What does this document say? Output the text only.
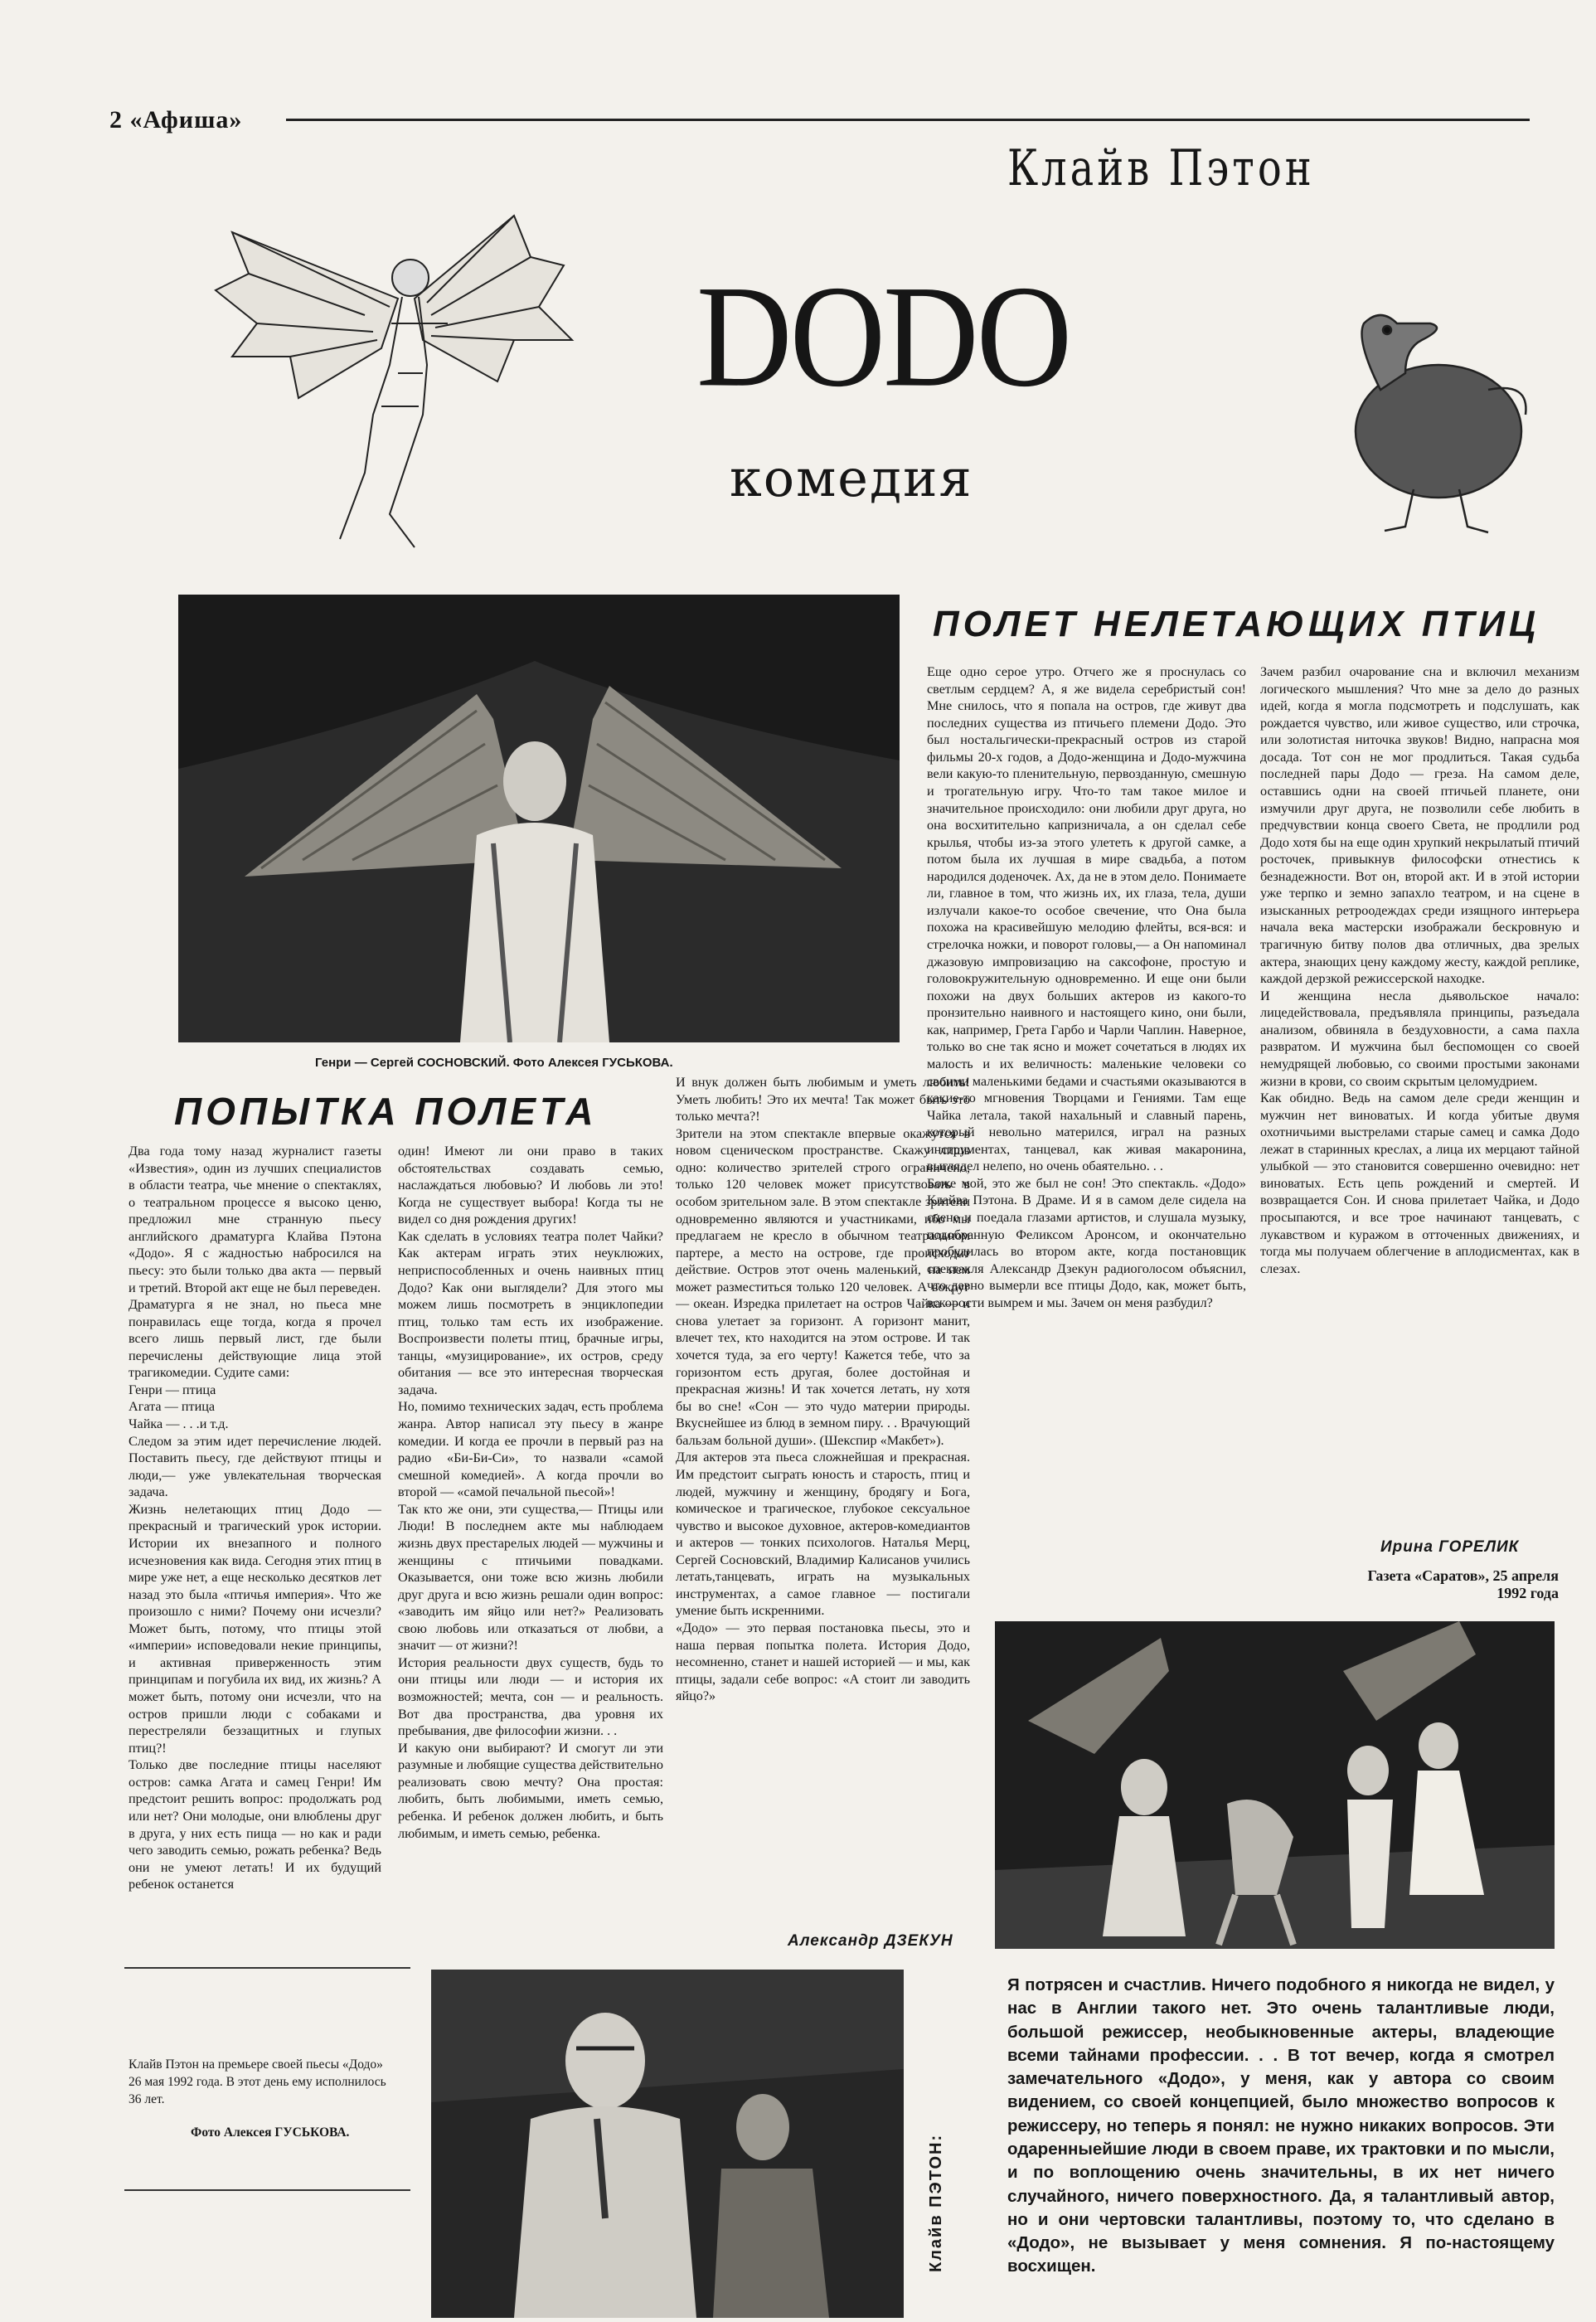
2 «Афиша»
Клайв Пэтон
DODO
комедия
Генри — Сергей СОСНОВСКИЙ. Фото Алексея ГУСЬКОВА.
ПОЛЕТ НЕЛЕТАЮЩИХ ПТИЦ
Еще одно серое утро. Отчего же я проснулась со светлым сердцем? А, я же видела серебристый сон! Мне снилось, что я попала на остров, где живут два последних существа из птичьего племени Додо. Это был ностальгически-прекрасный остров из старой фильмы 20-х годов, а Додо-женщина и Додо-мужчина вели какую-то пленительную, первозданную, смешную и трогательную игру. Что-то там такое милое и значительное происходило: они любили друг друга, но она восхитительно капризничала, а он сделал себе крылья, чтобы из-за этого улететь к другой самке, а потом была их лучшая в мире свадьба, а потом народился доденочек. Ах, да не в этом дело. Понимаете ли, главное в том, что жизнь их, их глаза, тела, души излучали какое-то особое свечение, что Она была похожа на красивейшую мелодию флейты, вся-вся: и стрелочка ножки, и поворот головы,— а Он напоминал джазовую импровизацию на саксофоне, простую и головокружительную одновременно. И еще они были похожи на двух больших актеров из какого-то пронзительно наивного и настоящего кино, они были, как, например, Грета Гарбо и Чарли Чаплин. Наверное, только во сне так ясно и может сочетаться в людях их малость и их величность: маленькие человеки со своими маленькими бедами и счастьями оказываются в какие-то мгновения Творцами и Гениями. Там еще Чайка летала, такой нахальный и славный парень, который невольно матерился, играл на разных инструментах, танцевал, как живая макаронина, выглядел нелепо, но очень обаятельно. . .
Боже мой, это же был не сон! Это спектакль. «Додо» Клайва Пэтона. В Драме. И я в самом деле сидела на сцене и поедала глазами артистов, и слушала музыку, подобранную Феликсом Аронсом, и окончательно пробудилась во втором акте, когда постановщик спектакля Александр Дзекун радиоголосом объяснил, что давно вымерли все птицы Додо, как, может быть, вскорости вымрем и мы. Зачем он меня разбудил?
Зачем разбил очарование сна и включил механизм логического мышления? Что мне за дело до разных идей, когда я могла подсмотреть и подслушать, как рождается чувство, или живое существо, или строчка, или золотистая ниточка звуков! Видно, напрасна моя досада. Тот сон не мог продлиться. Такая судьба последней пары Додо — греза. На самом деле, оставшись одни на своей птичьей планете, они измучили друг друга, не позволили себе любить в предчувствии конца своего Света, не продлили род Додо хотя бы на еще один хрупкий некрылатый птичий росточек, привыкнув философски отнестись к безнадежности. Вот он, второй акт. И в этой истории уже терпко и земно запахло театром, и на сцене в изысканных ретроодеждах среди изящного интерьера начала века мастерски изображали бескровную и трагичную битву полов два отличных, два зрелых актера, знающих цену каждому жесту, каждой реплике, каждой дерзкой режиссерской находке.
И женщина несла дьявольское начало: лицедействовала, предъявляла принципы, разъедала анализом, обвиняла в бездуховности, а сама пахла развратом. И мужчина был беспомощен со своей немудрящей любовью, со своими простыми законами жизни в крови, со своим скрытым целомудрием.
Как обидно. Ведь на самом деле среди женщин и мужчин нет виноватых. И когда убитые двумя охотничьими выстрелами старые самец и самка Додо лежат в старинных креслах, а лица их мерцают тайной улыбкой — это становится совершенно очевидно: нет виноватых. Есть цепь рождений и смертей. И возвращается Сон. И снова прилетает Чайка, и Додо просыпаются, и все трое начинают танцевать, с лукавством и куражом в отточенных движениях, и тогда мы получаем облегчение в аплодисментах, как в слезах.
Ирина ГОРЕЛИК
Газета «Саратов», 25 апреля
1992 года
ПОПЫТКА ПОЛЕТА
Два года тому назад журналист газеты «Известия», один из лучших специалистов в области театра, чье мнение о спектаклях, о театральном процессе я высоко ценю, предложил мне странную пьесу английского драматурга Клайва Пэтона «Додо». Я с жадностью набросился на пьесу: это были только два акта — первый и третий. Второй акт еще не был переведен.
Драматурга я не знал, но пьеса мне понравилась еще тогда, когда я прочел всего лишь первый лист, где были перечислены действующие лица этой трагикомедии. Судите сами:
Генри — птица
Агата — птица
Чайка — . . .и т.д.
Следом за этим идет перечисление людей. Поставить пьесу, где действуют птицы и люди,— уже увлекательная творческая задача.
Жизнь нелетающих птиц Додо — прекрасный и трагический урок истории. Истории их внезапного и полного исчезновения как вида. Сегодня этих птиц в мире уже нет, а еще несколько десятков лет назад это была «птичья империя». Что же произошло с ними? Почему они исчезли? Может быть, потому, что птицы этой «империи» исповедовали некие принципы, и активная приверженность этим принципам и погубила их вид, их жизнь? А может быть, потому они исчезли, что на остров пришли люди с собаками и перестреляли беззащитных и глупых птиц?!
Только две последние птицы населяют остров: самка Агата и самец Генри! Им предстоит решить вопрос: продолжать род или нет? Они молодые, они влюблены друг в друга, у них есть пища — но как и ради чего заводить семью, рожать ребенка? Ведь они не умеют летать! И их будущий ребенок останется
один! Имеют ли они право в таких обстоятельствах создавать семью, наслаждаться любовью? И любовь ли это! Когда не существует выбора! Когда ты не видел со дня рождения других!
Как сделать в условиях театра полет Чайки? Как актерам играть этих неуклюжих, неприспособленных и очень наивных птиц Додо? Как они выглядели? Для этого мы можем лишь посмотреть в энциклопедии птиц, только там есть их изображение. Воспроизвести полеты птиц, брачные игры, танцы, «музицирование», их остров, среду обитания — все это интересная творческая задача.
Но, помимо технических задач, есть проблема жанра. Автор написал эту пьесу в жанре комедии. И когда ее прочли в первый раз на радио «Би-Би-Си», то назвали «самой смешной комедией». А когда прочли во второй — «самой печальной пьесой»!
Так кто же они, эти существа,— Птицы или Люди! В последнем акте мы наблюдаем жизнь двух престарелых людей — мужчины и женщины с птичьими повадками. Оказывается, они тоже всю жизнь любили друг друга и всю жизнь решали один вопрос: «заводить им яйцо или нет?» Реализовать свою любовь или отказаться от любви, а значит — от жизни?!
История реальности двух существ, будь то они птицы или люди — и история их возможностей; мечта, сон — и реальность. Вот два пространства, два уровня их пребывания, две философии жизни. . .
И какую они выбирают? И смогут ли эти разумные и любящие существа действительно реализовать свою мечту? Она простая: любить, быть любимыми, иметь семью, ребенка. И ребенок должен любить, и быть любимым, и иметь семью, ребенка.
И внук должен быть любимым и уметь любить! Уметь любить! Это их мечта! Так может быть это только мечта?!
Зрители на этом спектакле впервые окажутся в новом сценическом пространстве. Скажу лишь одно: количество зрителей строго ограничено, только 120 человек может присутствовать в особом зрительном зале. В этом спектакле зрители одновременно являются и участниками, ибо мы предлагаем не кресло в обычном театральном партере, а место на острове, где происходит действие. Остров этот очень маленький, на нем может разместиться только 120 человек. А вокруг — океан. Изредка прилетает на остров Чайка — и снова улетает за горизонт. А горизонт манит, влечет тех, кто находится на этом острове. И так хочется туда, за его черту! Кажется тебе, что за горизонтом есть другая, более достойная и прекрасная жизнь! И так хочется летать, ну хотя бы во сне! «Сон — это чудо материи природы. Вкуснейшее из блюд в земном пиру. . . Врачующий бальзам больной души». (Шекспир «Макбет»).
Для актеров эта пьеса сложнейшая и прекрасная. Им предстоит сыграть юность и старость, птиц и людей, мужчину и женщину, бродягу и Бога, комическое и трагическое, глубокое сексуальное чувство и высокое духовное, актеров-комедиантов и актеров — тонких психологов. Наталья Мерц, Сергей Сосновский, Владимир Калисанов учились летать,танцевать, играть на музыкальных инструментах, а самое главное — постигали умение быть искренними.
«Додо» — это первая постановка пьесы, это и наша первая попытка полета. История Додо, несомненно, станет и нашей историей — и мы, как птицы, задали себе вопрос: «А стоит ли заводить яйцо?»
Александр ДЗЕКУН
Клайв Пэтон на премьере своей пьесы «Додо» 26 мая 1992 года. В этот день ему исполнилось 36 лет.
Фото Алексея ГУСЬКОВА.
Клайв ПЭТОН:
Я потрясен и счастлив. Ничего подобного я никогда не видел, у нас в Англии такого нет. Это очень талантливые люди, большой режиссер, необыкновенные актеры, владеющие всеми тайнами профессии. . . В тот вечер, когда я смотрел замечательного «Додо», у меня, как у автора со своим видением, со своей концепцией, было множество вопросов к режиссеру, но теперь я понял: не нужно никаких вопросов. Эти одаренныейшие люди в своем праве, их трактовки и по мысли, и по воплощению очень значительны, в их нет ничего случайного, ничего поверхностного. Да, я талантливый автор, но и они чертовски талантливы, поэтому то, что сделано в «Додо», не вызывает у меня сомнения. Я по-настоящему восхищен.
